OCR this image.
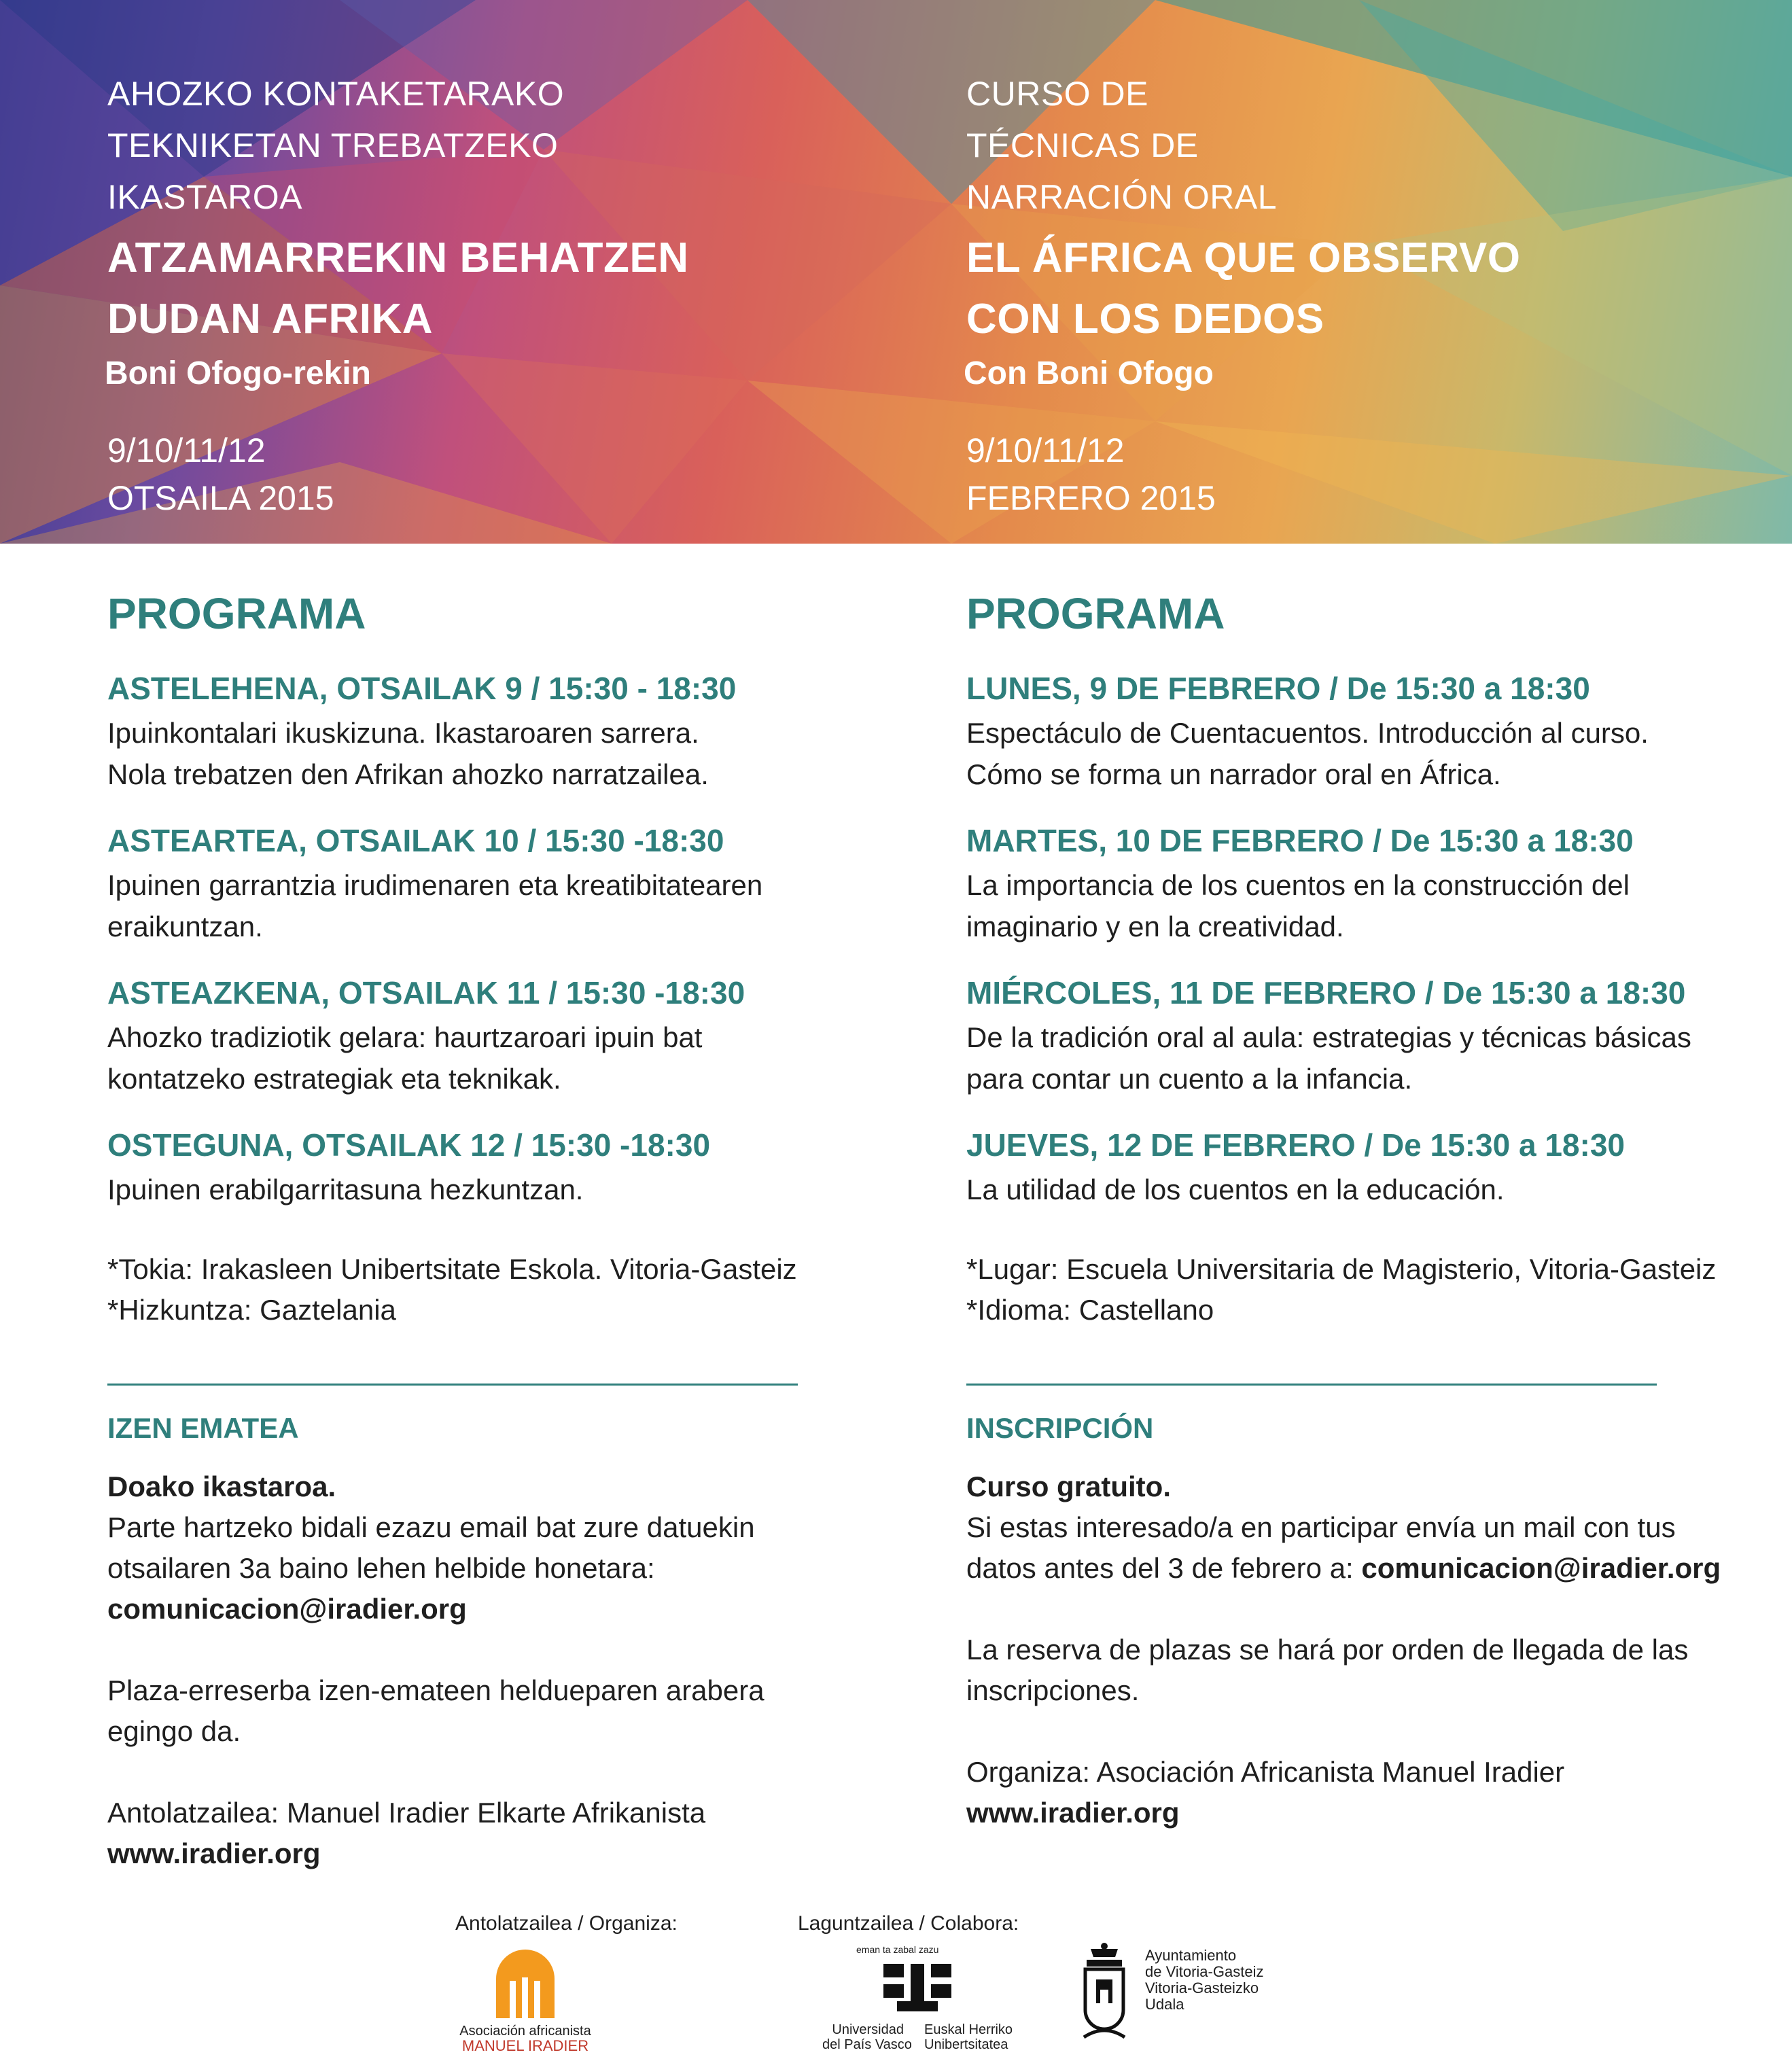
AHOZKO KONTAKETARAKO
TEKNIKETAN TREBATZEKO
IKASTAROA
ATZAMARREKIN BEHATZEN
DUDAN AFRIKA
Boni Ofogo-rekin
9/10/11/12
OTSAILA 2015
CURSO DE
TÉCNICAS DE
NARRACIÓN ORAL
EL ÁFRICA QUE OBSERVO
CON LOS DEDOS
Con Boni Ofogo
9/10/11/12
FEBRERO 2015
PROGRAMA
ASTELEHENA, OTSAILAK 9 / 15:30 - 18:30
Ipuinkontalari ikuskizuna. Ikastaroaren sarrera.
Nola trebatzen den Afrikan ahozko narratzailea.
ASTEARTEA, OTSAILAK 10 / 15:30 -18:30
Ipuinen garrantzia irudimenaren eta kreatibitatearen
eraikuntzan.
ASTEAZKENA, OTSAILAK 11 / 15:30 -18:30
Ahozko tradiziotik gelara: haurtzaroari ipuin bat
kontatzeko estrategiak eta teknikak.
OSTEGUNA, OTSAILAK 12 / 15:30 -18:30
Ipuinen erabilgarritasuna hezkuntzan.
*Tokia: Irakasleen Unibertsitate Eskola. Vitoria-Gasteiz
*Hizkuntza: Gaztelania
IZEN EMATEA
Doako ikastaroa.
Parte hartzeko bidali ezazu email bat zure datuekin
otsailaren 3a baino lehen helbide honetara:
comunicacion@iradier.org
Plaza-erreserba izen-emateen helduераren arabera
egingo da.
Antolatzailea: Manuel Iradier Elkarte Afrikanista
www.iradier.org
PROGRAMA
LUNES, 9 DE FEBRERO / De 15:30 a 18:30
Espectáculo de Cuentacuentos. Introducción al curso.
Cómo se forma un narrador oral en África.
MARTES, 10 DE FEBRERO / De 15:30 a 18:30
La importancia de los cuentos en la construcción del
imaginario y en la creatividad.
MIÉRCOLES, 11 DE FEBRERO / De 15:30 a 18:30
De la tradición oral al aula: estrategias y técnicas básicas
para contar un cuento a la infancia.
JUEVES, 12 DE FEBRERO / De 15:30 a 18:30
La utilidad de los cuentos en la educación.
*Lugar: Escuela Universitaria de Magisterio, Vitoria-Gasteiz
*Idioma: Castellano
INSCRIPCIÓN
Curso gratuito.
Si estas interesado/a en participar envía un mail con tus
datos antes del 3 de febrero a: comunicacion@iradier.org
La reserva de plazas se hará por orden de llegada de las
inscripciones.
Organiza: Asociación Africanista Manuel Iradier
www.iradier.org
Antolatzailea / Organiza:	Laguntzailea / Colabora:
Asociación africanista
MANUEL IRADIER
eman ta zabal zazu
Universidad
del País Vasco
Euskal Herriko
Unibertsitatea
Ayuntamiento
de Vitoria-Gasteiz
Vitoria-Gasteizko
Udala
